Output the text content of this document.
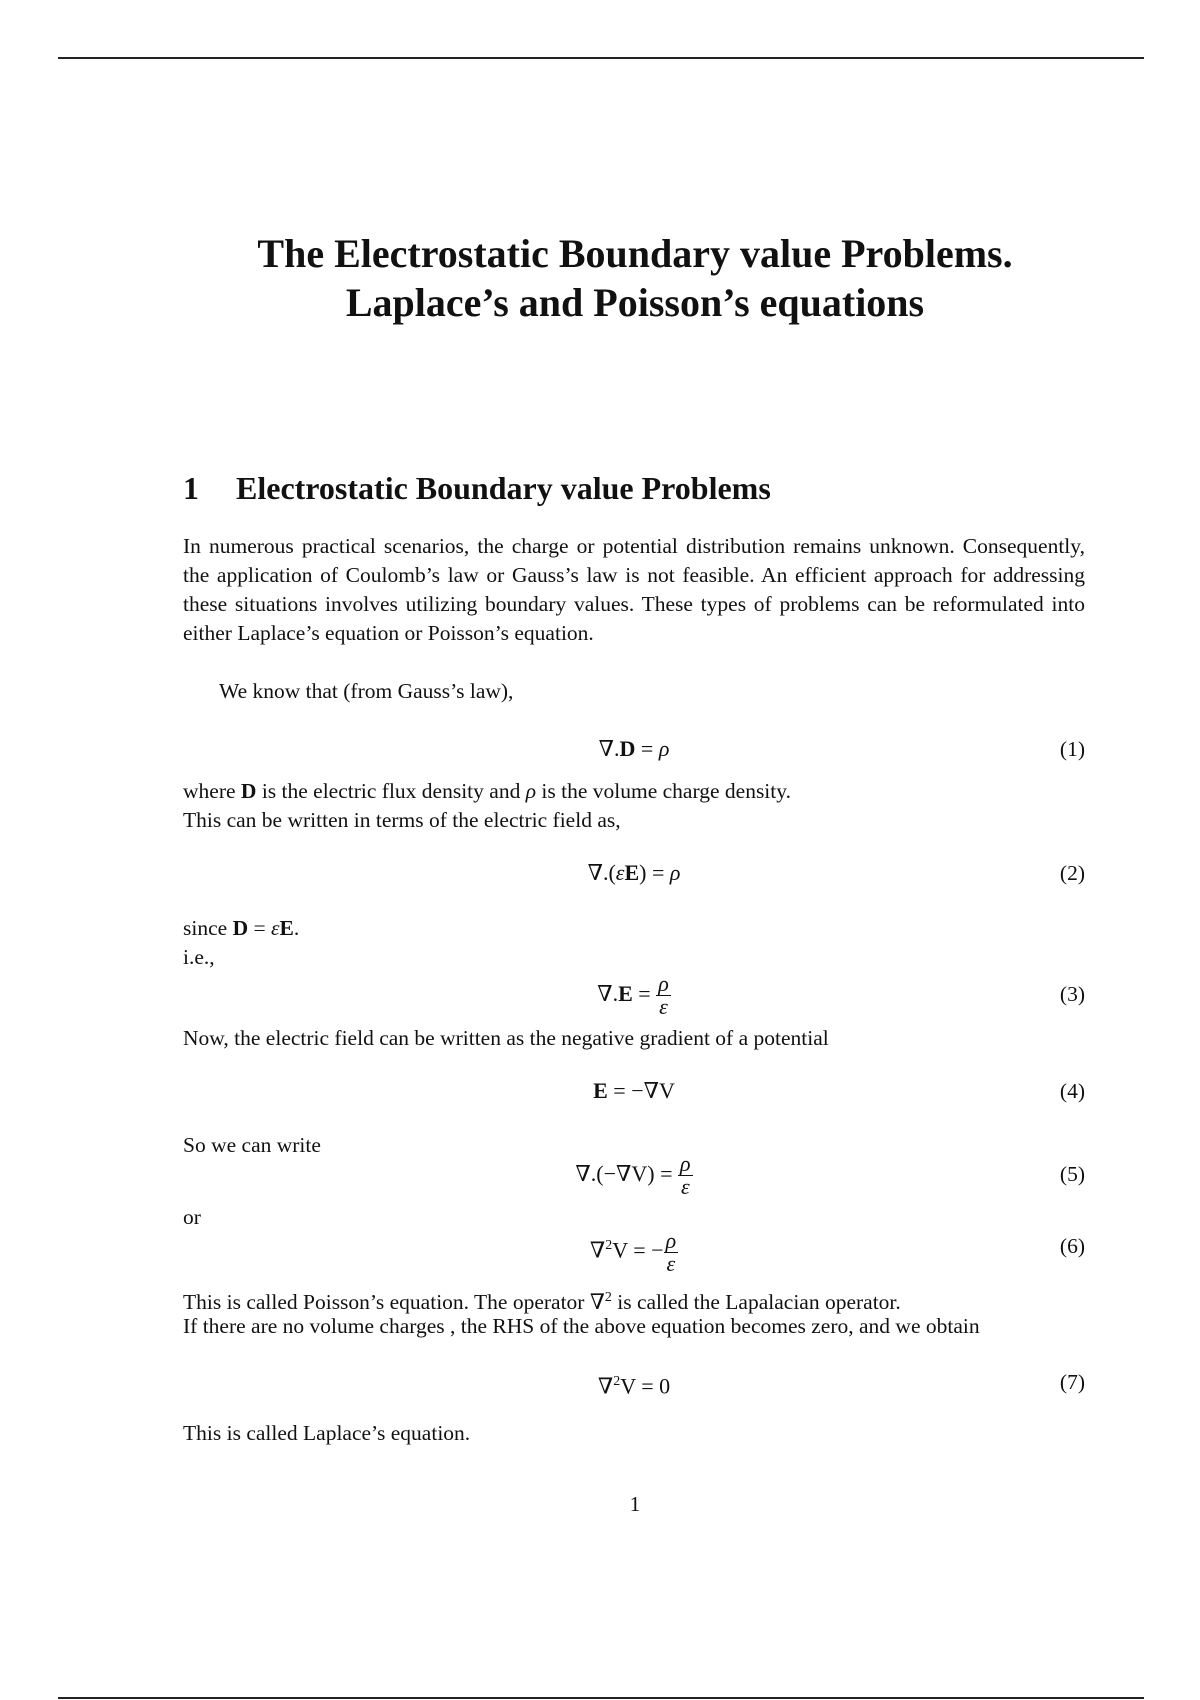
The Electrostatic Boundary value Problems.
Laplace’s and Poisson’s equations
1 Electrostatic Boundary value Problems

In numerous practical scenarios, the charge or potential distribution remains unknown. Consequently, the application of Coulomb’s law or Gauss’s law is not feasible. An efficient approach for addressing these situations involves utilizing boundary values. These types of problems can be reformulated into either Laplace’s equation or Poisson’s equation.

We know that (from Gauss’s law),

∇.D = ρ	(1)

where D is the electric flux density and ρ is the volume charge density.

This can be written in terms of the electric field as,

∇.(εE) = ρ	(2)

since D = εE.

i.e.,

$\nabla.E = \frac{\rho}{\varepsilon}$	(3)

Now, the electric field can be written as the negative gradient of a potential

E = −∇V	(4)

So we can write

$\nabla.(-\nabla V) = \frac{\rho}{\varepsilon}$	(5)

or

∇$^2$V = − $\frac{\rho}{\varepsilon}$	(6)

This is called Poisson’s equation. The operator ∇$^2$ is called the Lapalacian operator.

If there are no volume charges , the RHS of the above equation becomes zero, and we obtain

∇$^2$V = 0	(7)

This is called Laplace’s equation.

1
